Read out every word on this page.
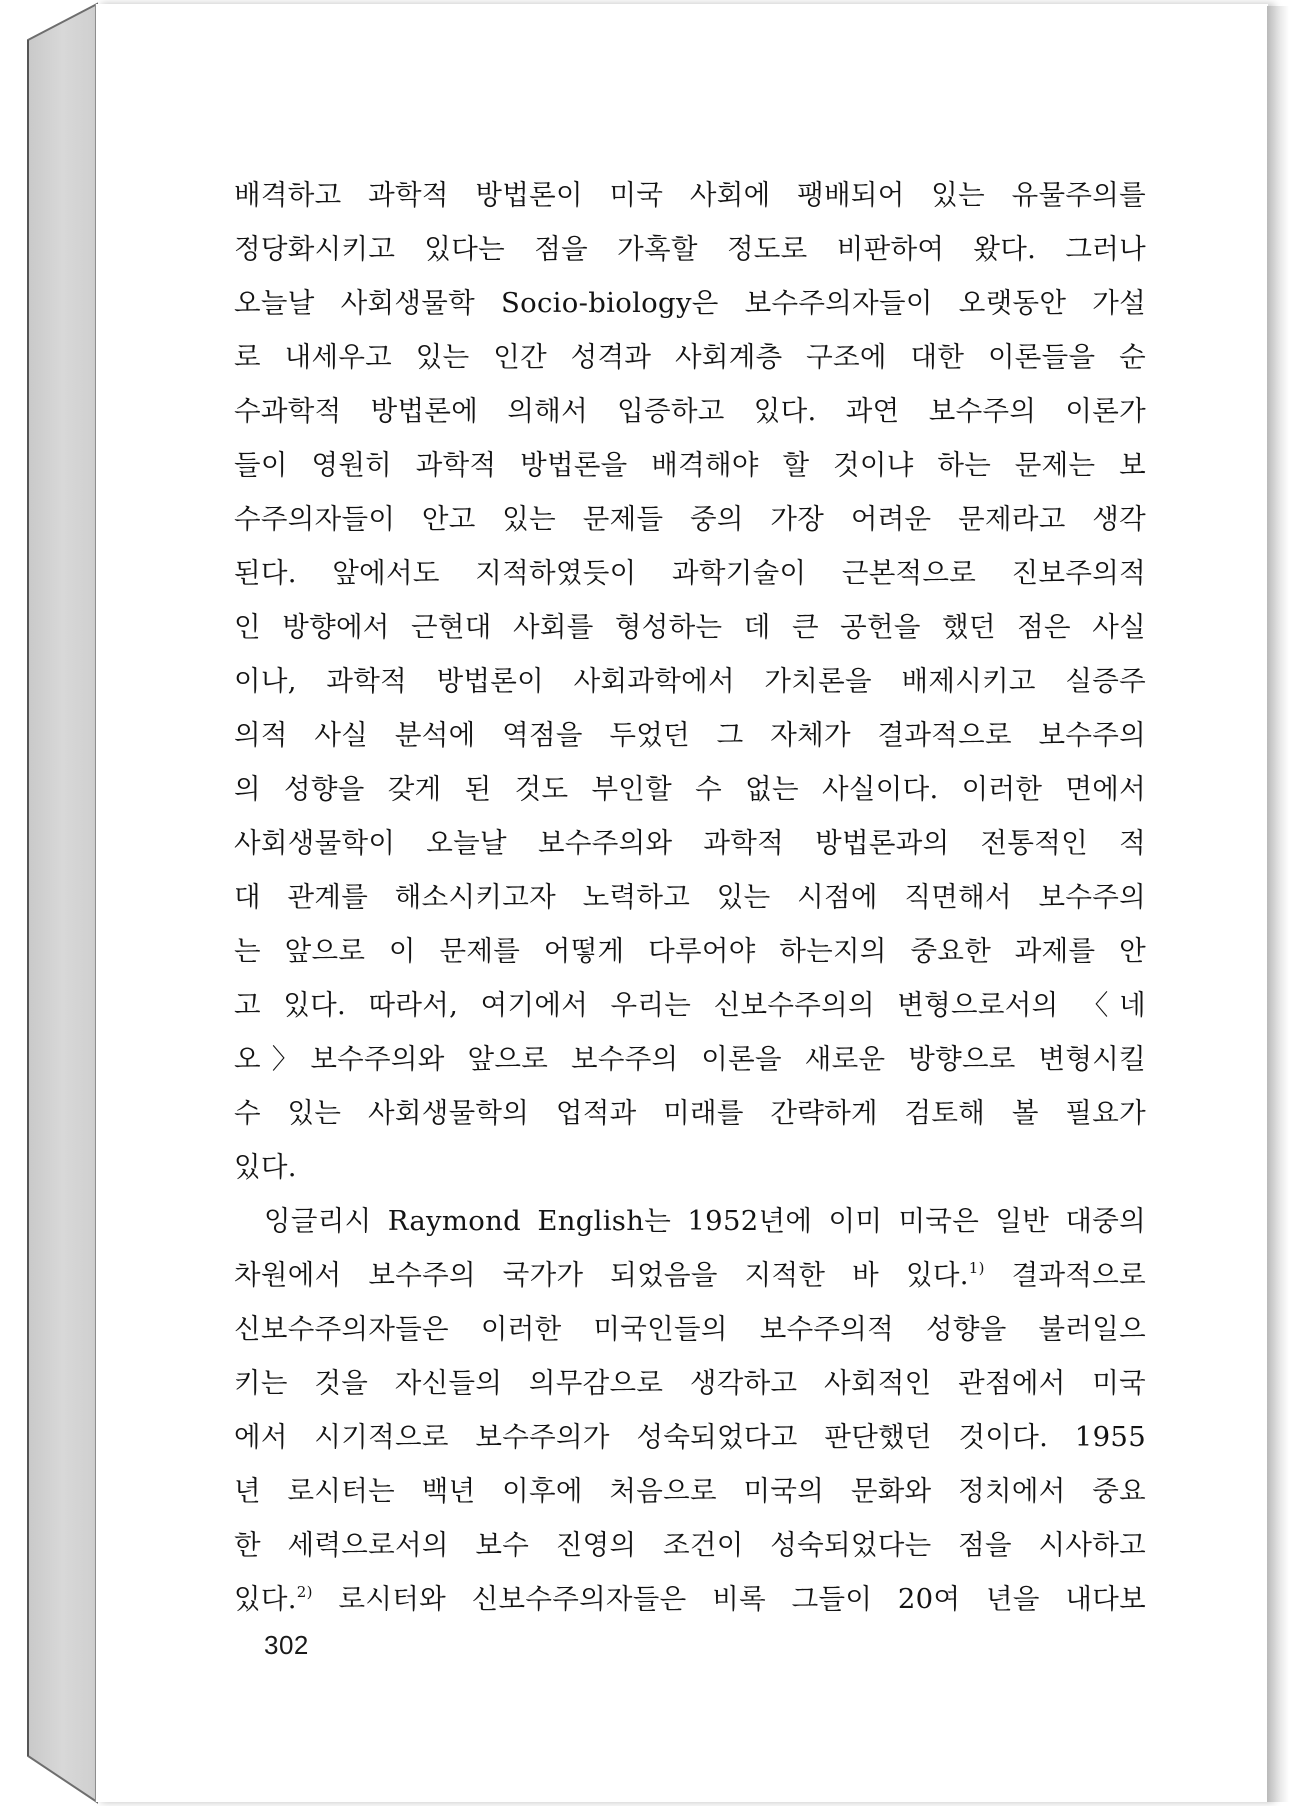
배격하고 과학적 방법론이 미국 사회에 팽배되어 있는 유물주의를
정당화시키고 있다는 점을 가혹할 정도로 비판하여 왔다. 그러나
오늘날 사회생물학 Socio-biology은 보수주의자들이 오랫동안 가설
로 내세우고 있는 인간 성격과 사회계층 구조에 대한 이론들을 순
수과학적 방법론에 의해서 입증하고 있다. 과연 보수주의 이론가
들이 영원히 과학적 방법론을 배격해야 할 것이냐 하는 문제는 보
수주의자들이 안고 있는 문제들 중의 가장 어려운 문제라고 생각
된다. 앞에서도 지적하였듯이 과학기술이 근본적으로 진보주의적
인 방향에서 근현대 사회를 형성하는 데 큰 공헌을 했던 점은 사실
이나, 과학적 방법론이 사회과학에서 가치론을 배제시키고 실증주
의적 사실 분석에 역점을 두었던 그 자체가 결과적으로 보수주의
의 성향을 갖게 된 것도 부인할 수 없는 사실이다. 이러한 면에서
사회생물학이 오늘날 보수주의와 과학적 방법론과의 전통적인 적
대 관계를 해소시키고자 노력하고 있는 시점에 직면해서 보수주의
는 앞으로 이 문제를 어떻게 다루어야 하는지의 중요한 과제를 안
고 있다. 따라서, 여기에서 우리는 신보수주의의 변형으로서의 〈네
오〉보수주의와 앞으로 보수주의 이론을 새로운 방향으로 변형시킬
수 있는 사회생물학의 업적과 미래를 간략하게 검토해 볼 필요가
있다.
잉글리시 Raymond English는 1952년에 이미 미국은 일반 대중의
차원에서 보수주의 국가가 되었음을 지적한 바 있다.$^{1)}$ 결과적으로
신보수주의자들은 이러한 미국인들의 보수주의적 성향을 불러일으
키는 것을 자신들의 의무감으로 생각하고 사회적인 관점에서 미국
에서 시기적으로 보수주의가 성숙되었다고 판단했던 것이다. 1955
년 로시터는 백년 이후에 처음으로 미국의 문화와 정치에서 중요
한 세력으로서의 보수 진영의 조건이 성숙되었다는 점을 시사하고
있다.$^{2)}$ 로시터와 신보수주의자들은 비록 그들이 20여 년을 내다보
302
